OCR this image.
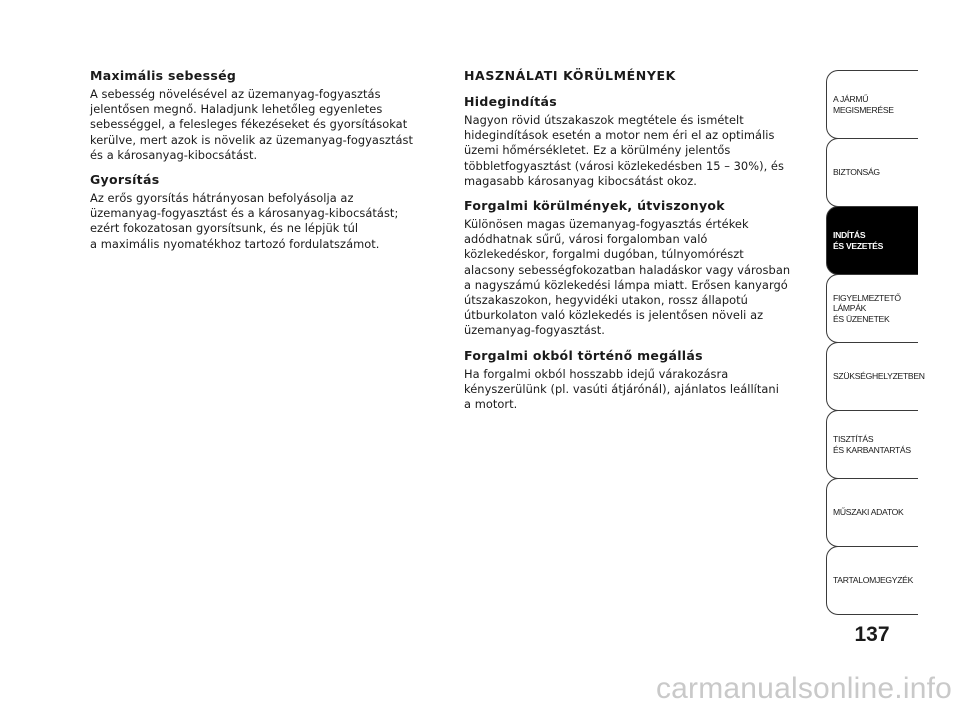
Maximális sebesség

A sebesség növelésével az üzemanyag-fogyasztás
jelentősen megnő. Haladjunk lehetőleg egyenletes
sebességgel, a felesleges fékezéseket és gyorsításokat
kerülve, mert azok is növelik az üzemanyag-fogyasztást
és a károsanyag-kibocsátást.

Gyorsítás

Az erős gyorsítás hátrányosan befolyásolja az
üzemanyag-fogyasztást és a károsanyag-kibocsátást;
ezért fokozatosan gyorsítsunk, és ne lépjük túl
a maximális nyomatékhoz tartozó fordulatszámot.

HASZNÁLATI KÖRÜLMÉNYEK
Hidegindítás

Nagyon rövid útszakaszok megtétele és ismételt
hidegindítások esetén a motor nem éri el az optimális
üzemi hőmérsékletet. Ez a körülmény jelentős
többletfogyasztást (városi közlekedésben 15 – 30%), és
magasabb károsanyag kibocsátást okoz.

Forgalmi körülmények, útviszonyok

Különösen magas üzemanyag-fogyasztás értékek
adódhatnak sűrű, városi forgalomban való
közlekedéskor, forgalmi dugóban, túlnyomórészt
alacsony sebességfokozatban haladáskor vagy városban
a nagyszámú közlekedési lámpa miatt. Erősen kanyargó
útszakaszokon, hegyvidéki utakon, rossz állapotú
útburkolaton való közlekedés is jelentősen növeli az
üzemanyag-fogyasztást.

Forgalmi okból történő megállás

Ha forgalmi okból hosszabb idejű várakozásra
kényszerülünk (pl. vasúti átjárónál), ajánlatos leállítani
a motort.

A JÁRMŰ
MEGISMERÉSE
BIZTONSÁG
INDÍTÁS
ÉS VEZETÉS
FIGYELMEZTETŐ
LÁMPÁK
ÉS ÜZENETEK
SZÜKSÉGHELYZETBEN
TISZTÍTÁS
ÉS KARBANTARTÁS
MŰSZAKI ADATOK
TARTALOMJEGYZÉK
137
carmanualsonline.info
